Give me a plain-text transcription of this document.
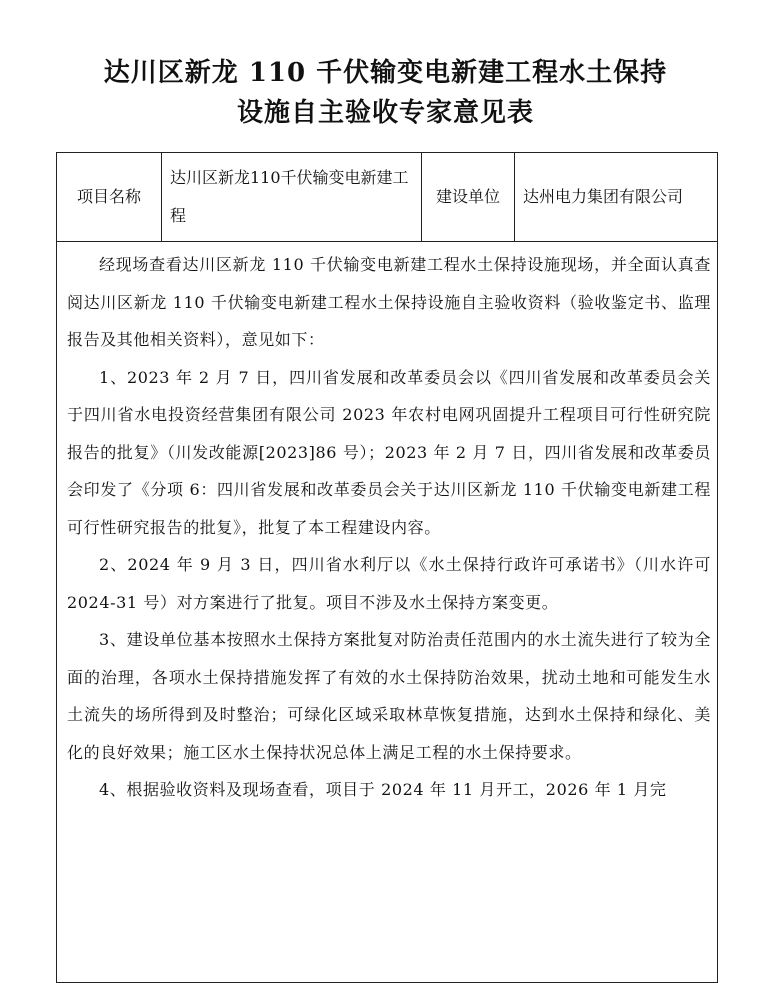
达川区新龙 110 千伏输变电新建工程水土保持
设施自主验收专家意见表
项目名称	达川区新龙110千伏输变电新建工程	建设单位	达州电力集团有限公司

经现场查看达川区新龙 110 千伏输变电新建工程水土保持设施现场，并全面认真查阅达川区新龙 110 千伏输变电新建工程水土保持设施自主验收资料（验收鉴定书、监理报告及其他相关资料），意见如下：

1、2023 年 2 月 7 日，四川省发展和改革委员会以《四川省发展和改革委员会关于四川省水电投资经营集团有限公司 2023 年农村电网巩固提升工程项目可行性研究院报告的批复》（川发改能源[2023]86 号）；2023 年 2 月 7 日，四川省发展和改革委员会印发了《分项 6：四川省发展和改革委员会关于达川区新龙 110 千伏输变电新建工程可行性研究报告的批复》，批复了本工程建设内容。

2、2024 年 9 月 3 日，四川省水利厅以《水土保持行政许可承诺书》（川水许可 2024-31 号）对方案进行了批复。项目不涉及水土保持方案变更。

3、建设单位基本按照水土保持方案批复对防治责任范围内的水土流失进行了较为全面的治理，各项水土保持措施发挥了有效的水土保持防治效果，扰动土地和可能发生水土流失的场所得到及时整治；可绿化区域采取林草恢复措施，达到水土保持和绿化、美化的良好效果；施工区水土保持状况总体上满足工程的水土保持要求。

4、根据验收资料及现场查看，项目于 2024 年 11 月开工，2026 年 1 月完
